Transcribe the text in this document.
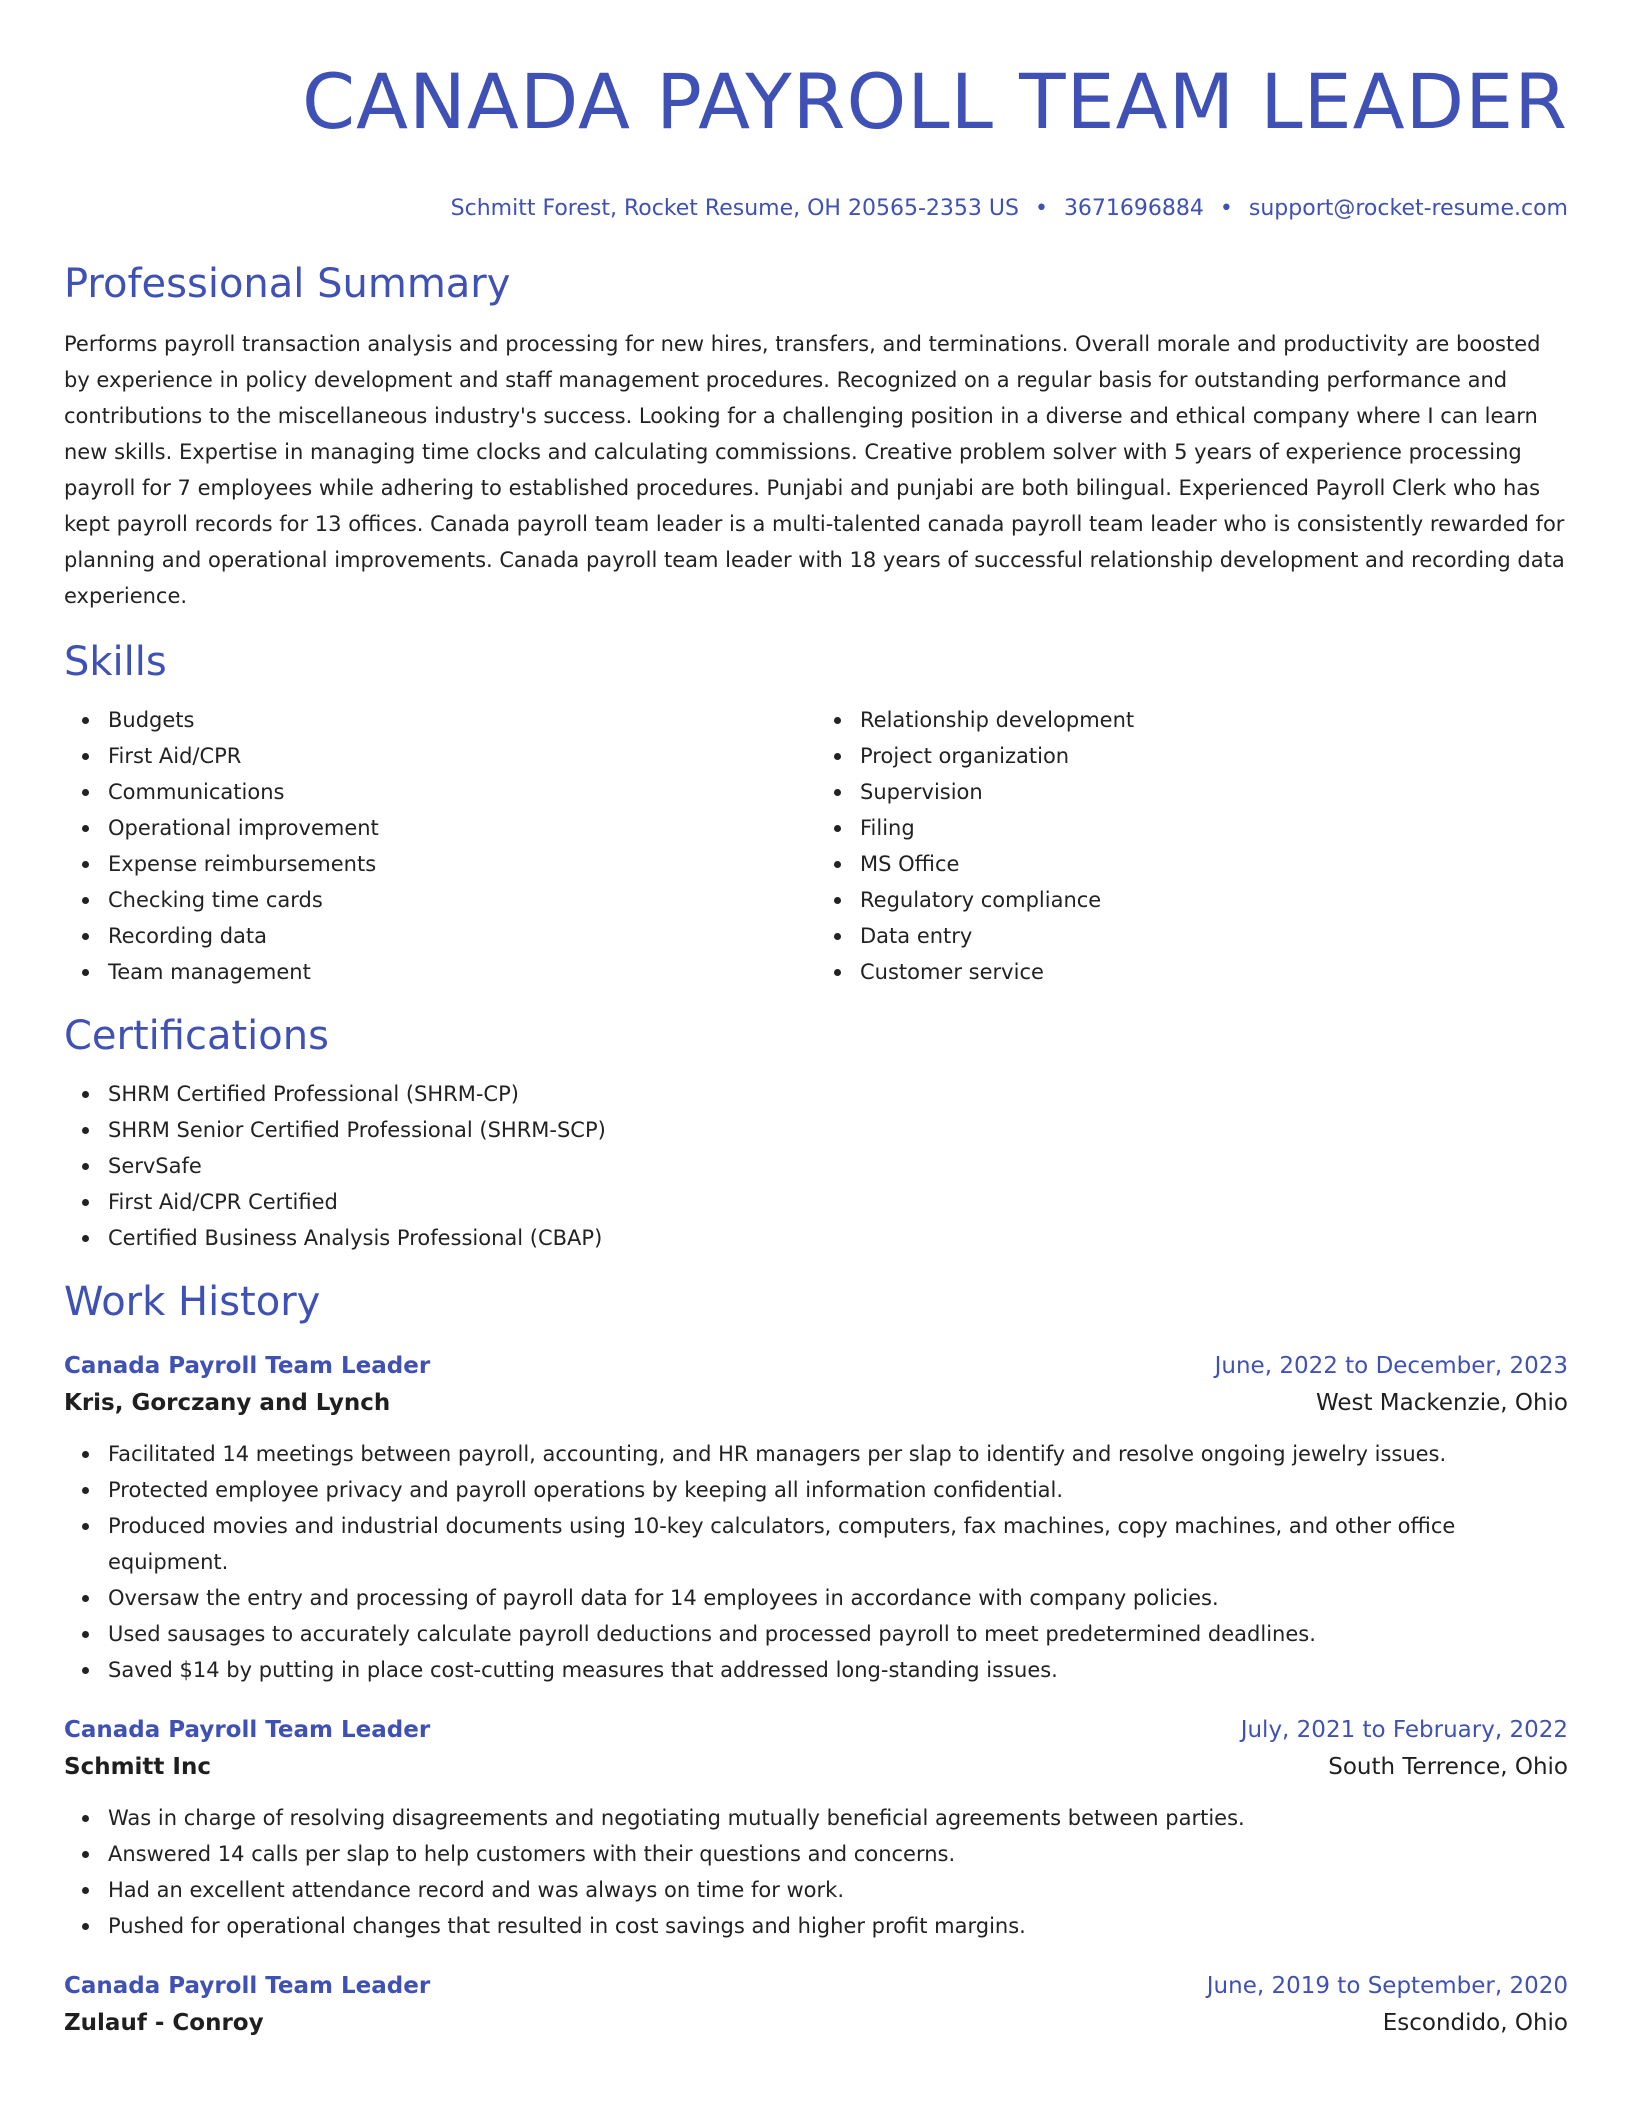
CANADA PAYROLL TEAM LEADER
Schmitt Forest, Rocket Resume, OH 20565-2353 US • 3671696884 • support@rocket-resume.com
Professional Summary

Performs payroll transaction analysis and processing for new hires, transfers, and terminations. Overall morale and productivity are boosted by experience in policy development and staff management procedures. Recognized on a regular basis for outstanding performance and contributions to the miscellaneous industry's success. Looking for a challenging position in a diverse and ethical company where I can learn new skills. Expertise in managing time clocks and calculating commissions. Creative problem solver with 5 years of experience processing payroll for 7 employees while adhering to established procedures. Punjabi and punjabi are both bilingual. Experienced Payroll Clerk who has kept payroll records for 13 offices. Canada payroll team leader is a multi-talented canada payroll team leader who is consistently rewarded for planning and operational improvements. Canada payroll team leader with 18 years of successful relationship development and recording data experience.

Skills
Budgets
First Aid/CPR
Communications
Operational improvement
Expense reimbursements
Checking time cards
Recording data
Team management
Relationship development
Project organization
Supervision
Filing
MS Office
Regulatory compliance
Data entry
Customer service
Certifications
SHRM Certified Professional (SHRM-CP)
SHRM Senior Certified Professional (SHRM-SCP)
ServSafe
First Aid/CPR Certified
Certified Business Analysis Professional (CBAP)
Work History
Canada Payroll Team Leader	June, 2022 to December, 2023
Kris, Gorczany and Lynch	West Mackenzie, Ohio
Facilitated 14 meetings between payroll, accounting, and HR managers per slap to identify and resolve ongoing jewelry issues.
Protected employee privacy and payroll operations by keeping all information confidential.
Produced movies and industrial documents using 10-key calculators, computers, fax machines, copy machines, and other office equipment.
Oversaw the entry and processing of payroll data for 14 employees in accordance with company policies.
Used sausages to accurately calculate payroll deductions and processed payroll to meet predetermined deadlines.
Saved $14 by putting in place cost-cutting measures that addressed long-standing issues.
Canada Payroll Team Leader	July, 2021 to February, 2022
Schmitt Inc	South Terrence, Ohio
Was in charge of resolving disagreements and negotiating mutually beneficial agreements between parties.
Answered 14 calls per slap to help customers with their questions and concerns.
Had an excellent attendance record and was always on time for work.
Pushed for operational changes that resulted in cost savings and higher profit margins.
Canada Payroll Team Leader	June, 2019 to September, 2020
Zulauf - Conroy	Escondido, Ohio
